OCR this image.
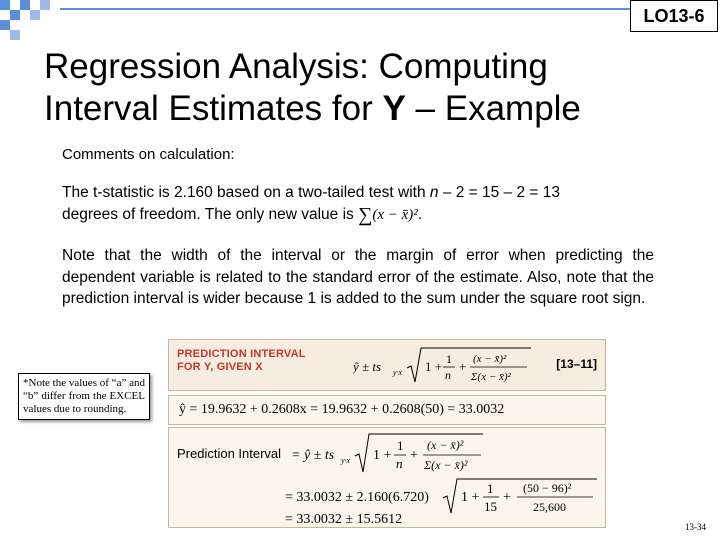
LO13-6
Regression Analysis: Computing
Interval Estimates for Y – Example
Comments on calculation:
The t-statistic is 2.160 based on a two-tailed test with n – 2 = 15 – 2 = 13
degrees of freedom. The only new value is ∑(x − x̄)².
Note that the width of the interval or the margin of error when predicting the dependent variable is related to the standard error of the estimate. Also, note that the prediction interval is wider because 1 is added to the sum under the square root sign.
*Note the values of “a” and “b” differ from the EXCEL values due to rounding.
PREDICTION INTERVAL
FOR Y, GIVEN X	ŷ ± ts y·x 1 + 1
n
+ (x − x̄)²
Σ(x − x̄)²
[13–11]
ŷ = 19.9632 + 0.2608x = 19.9632 + 0.2608(50) = 33.0032
Prediction Interval = ŷ ± ts y·x 1 +
1
n
+
(x − x̄)²
Σ(x − x̄)²
= 33.0032 ± 2.160(6.720) 1 +
1
15
+
(50 − 96)²
25,600
= 33.0032 ± 15.5612	13-34
